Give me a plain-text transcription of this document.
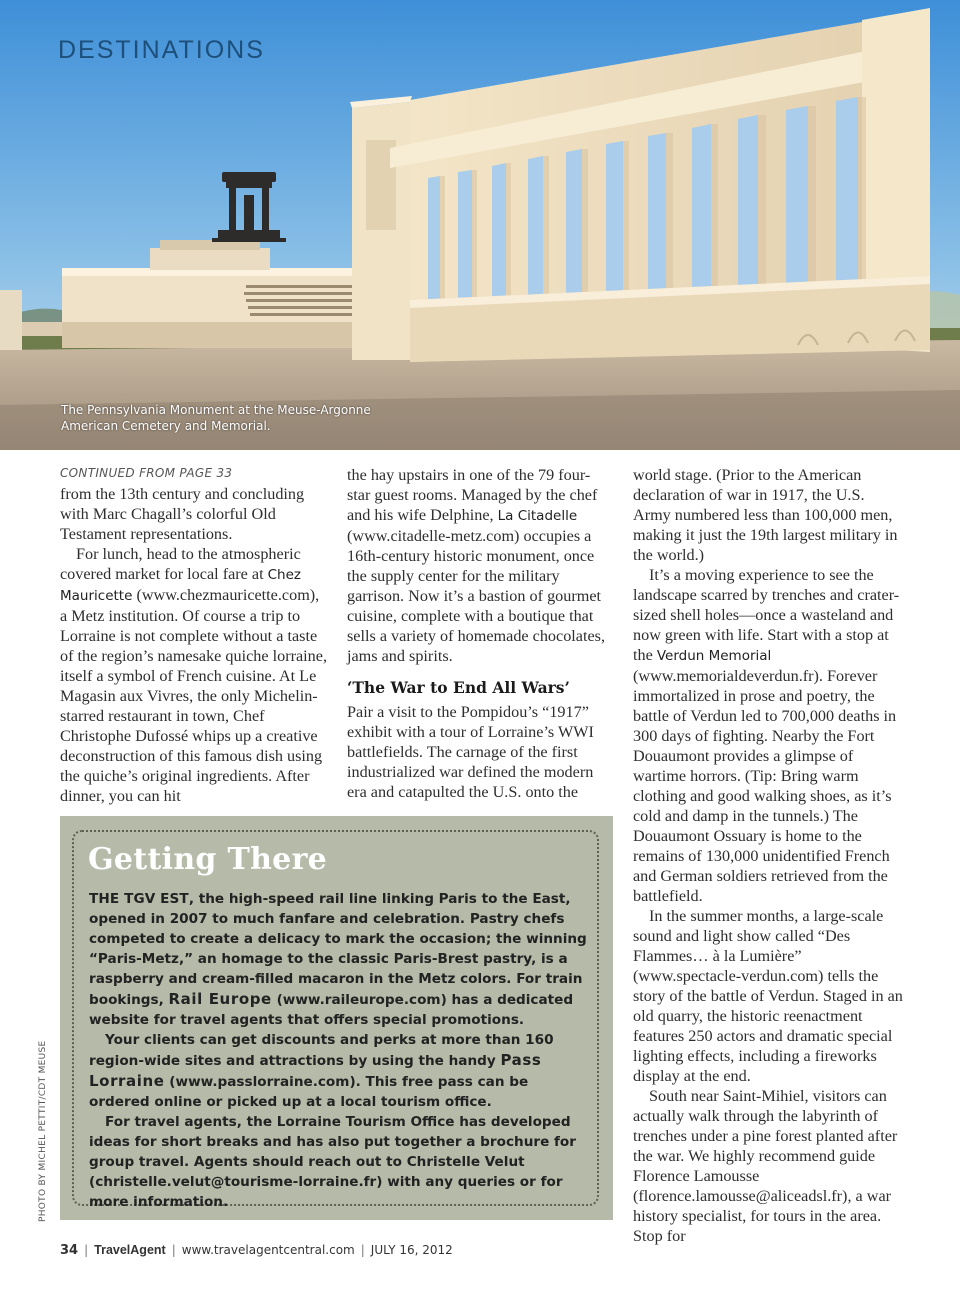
DESTINATIONS
The Pennsylvania Monument at the Meuse-Argonne American Cemetery and Memorial.
CONTINUED FROM PAGE 33

from the 13th century and concluding with Marc Chagall’s colorful Old Testament representations.

For lunch, head to the atmospheric covered market for local fare at Chez Mauricette (www.chezmauricette.com), a Metz institution. Of course a trip to Lorraine is not complete without a taste of the region’s namesake quiche lorraine, itself a symbol of French cuisine. At Le Magasin aux Vivres, the only Michelin-starred restaurant in town, Chef Christophe Dufossé whips up a creative deconstruction of this famous dish using the quiche’s original ingredients. After dinner, you can hit

the hay upstairs in one of the 79 four-star guest rooms. Managed by the chef and his wife Delphine, La Citadelle (www.citadelle-metz.com) occupies a 16th-century historic monument, once the supply center for the military garrison. Now it’s a bastion of gourmet cuisine, complete with a boutique that sells a variety of homemade chocolates, jams and spirits.

‘The War to End All Wars’

Pair a visit to the Pompidou’s “1917” exhibit with a tour of Lorraine’s WWI battlefields. The carnage of the first industrialized war defined the modern era and catapulted the U.S. onto the

world stage. (Prior to the American declaration of war in 1917, the U.S. Army numbered less than 100,000 men, making it just the 19th largest military in the world.)

It’s a moving experience to see the landscape scarred by trenches and crater-sized shell holes—once a wasteland and now green with life. Start with a stop at the Verdun Memorial (www.memorialdeverdun.fr). Forever immortalized in prose and poetry, the battle of Verdun led to 700,000 deaths in 300 days of fighting. Nearby the Fort Douaumont provides a glimpse of wartime horrors. (Tip: Bring warm clothing and good walking shoes, as it’s cold and damp in the tunnels.) The Douaumont Ossuary is home to the remains of 130,000 unidentified French and German soldiers retrieved from the battlefield.

In the summer months, a large-scale sound and light show called “Des Flammes… à la Lumière” (www.spectacle-verdun.com) tells the story of the battle of Verdun. Staged in an old quarry, the historic reenactment features 250 actors and dramatic special lighting effects, including a fireworks display at the end.

South near Saint-Mihiel, visitors can actually walk through the labyrinth of trenches under a pine forest planted after the war. We highly recommend guide Florence Lamousse (florence.lamousse@aliceadsl.fr), a war history specialist, for tours in the area. Stop for

Getting There

THE TGV EST, the high-speed rail line linking Paris to the East, opened in 2007 to much fanfare and celebration. Pastry chefs competed to create a delicacy to mark the occasion; the winning “Paris-Metz,” an homage to the classic Paris-Brest pastry, is a raspberry and cream-filled macaron in the Metz colors. For train bookings, Rail Europe (www.raileurope.com) has a dedicated website for travel agents that offers special promotions.

Your clients can get discounts and perks at more than 160 region-wide sites and attractions by using the handy Pass Lorraine (www.passlorraine.com). This free pass can be ordered online or picked up at a local tourism office.

For travel agents, the Lorraine Tourism Office has developed ideas for short breaks and has also put together a brochure for group travel. Agents should reach out to Christelle Velut (christelle.velut@tourisme-lorraine.fr) with any queries or for more information.

PHOTO BY MICHEL PETTIT/CDT MEUSE
34 | TravelAgent | www.travelagentcentral.com | JULY 16, 2012
